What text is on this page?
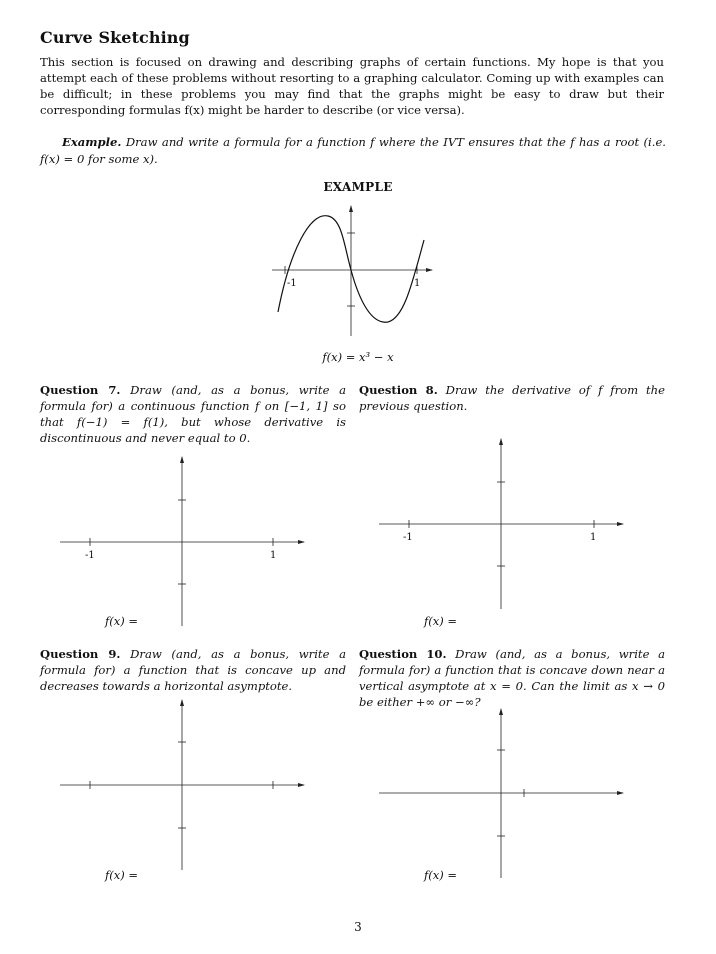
Curve Sketching
This section is focused on drawing and describing graphs of certain functions. My hope is that you attempt each of these problems without resorting to a graphing calculator. Coming up with examples can be difficult; in these problems you may find that the graphs might be easy to draw but their corresponding formulas f(x) might be harder to describe (or vice versa).
Example. Draw and write a formula for a function f where the IVT ensures that the f has a root (i.e. f(x) = 0 for some x).
EXAMPLE
-1	1
f(x) = x³ − x
Question 7. Draw (and, as a bonus, write a formula for) a continuous function f on [−1, 1] so that f(−1) = f(1), but whose derivative is discontinuous and never equal to 0.
-1	1
f(x) =
Question 8. Draw the derivative of f from the previous question.
-1	1
f(x) =
Question 9. Draw (and, as a bonus, write a formula for) a function that is concave up and decreases towards a horizontal asymptote.
f(x) =
Question 10. Draw (and, as a bonus, write a formula for) a function that is concave down near a vertical asymptote at x = 0. Can the limit as x → 0 be either +∞ or −∞?
f(x) =
3
